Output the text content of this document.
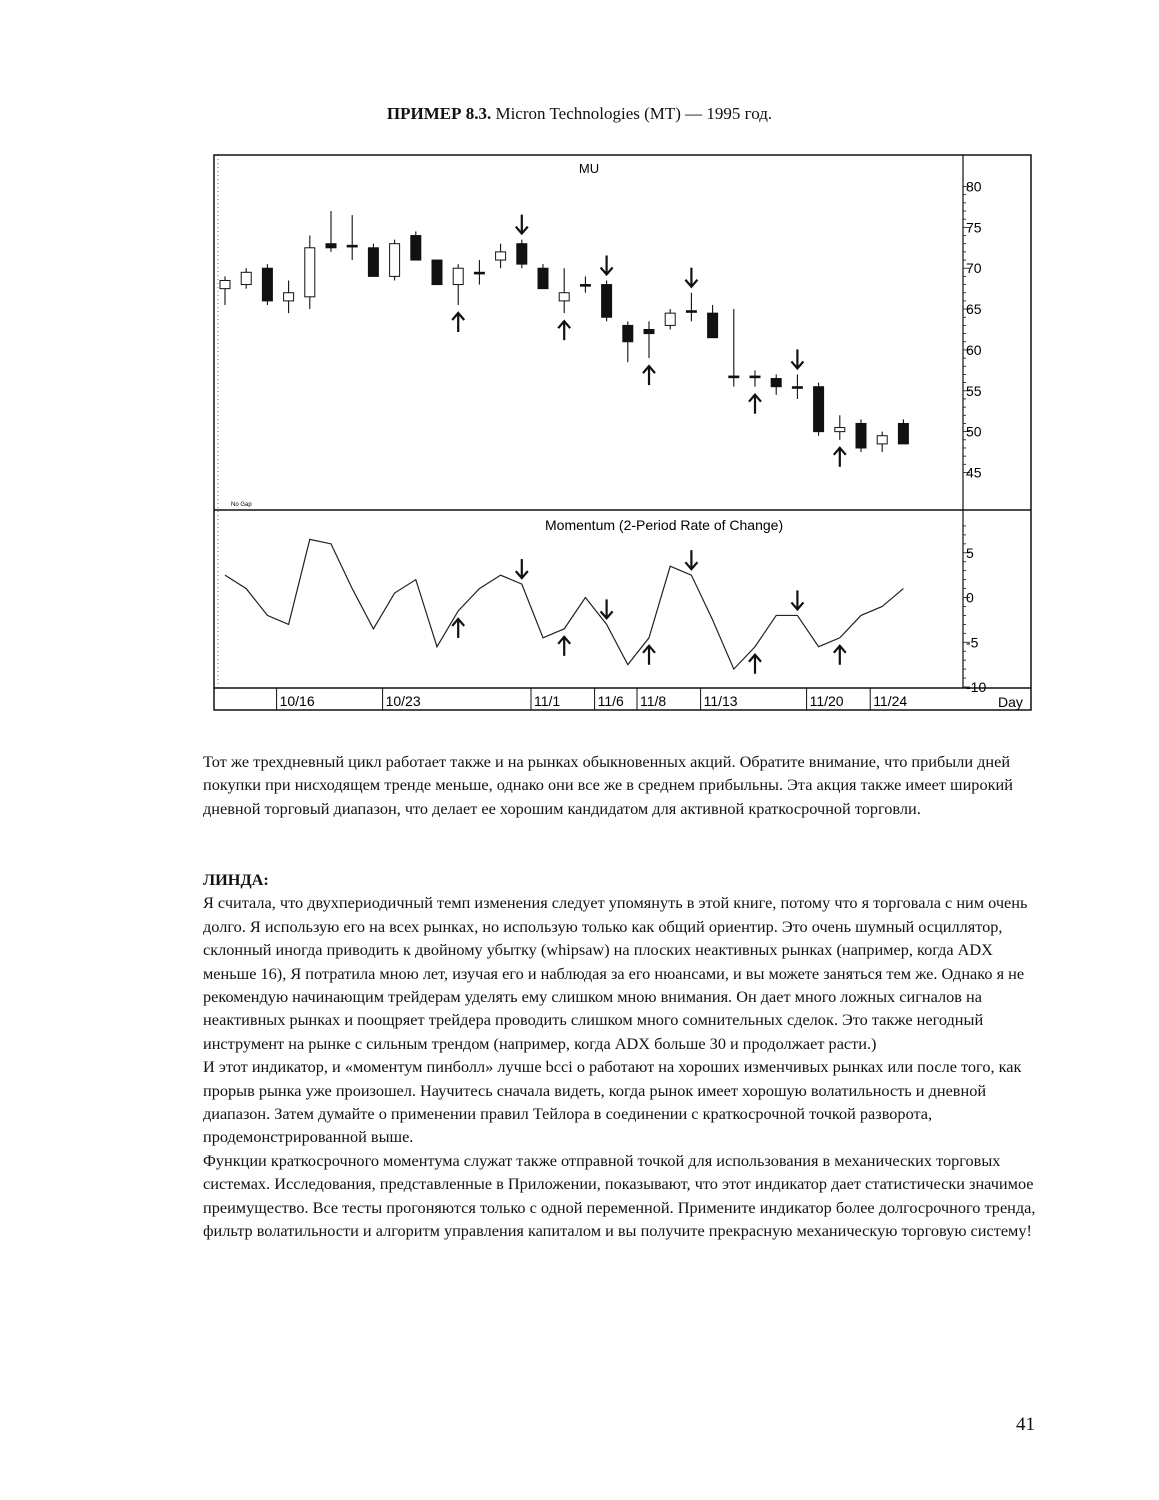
ПРИМЕР 8.3. Micron Technologies (MT) — 1995 год.
MU
No Gap
Momentum (2-Period Rate of Change)
Day
80
75
70
65
60
55
50
45
5
0
-5
-10
10/16	10/23	11/1	11/6 11/8	11/13	11/20 11/24

Тот же трехдневный цикл работает также и на рынках обыкновенных акций. Обратите внимание, что прибыли дней покупки при нисходящем тренде меньше, однако они все же в среднем прибыльны. Эта акция также имеет широкий дневной торговый диапазон, что делает ее хорошим кандидатом для активной краткосрочной торговли.

ЛИНДА:

Я считала, что двухпериодичный темп изменения следует упомянуть в этой книге, потому что я торговала с ним очень долго. Я использую его на всех рынках, но использую только как общий ориентир. Это очень шумный осциллятор, склонный иногда приводить к двойному убытку (whipsaw) на плоских неактивных рынках (например, когда ADX меньше 16), Я потратила мною лет, изучая его и наблюдая за его нюансами, и вы можете заняться тем же. Однако я не рекомендую начинающим трейдерам уделять ему слишком мною внимания. Он дает много ложных сигналов на неактивных рынках и поощряет трейдера проводить слишком много сомнительных сделок. Это также негодный инструмент на рынке с сильным трендом (например, когда ADX больше 30 и продолжает расти.)

И этот индикатор, и «моментум пинболл» лучше bcci о работают на хороших изменчивых рынках или после того, как прорыв рынка уже произошел. Научитесь сначала видеть, когда рынок имеет хорошую волатильность и дневной диапазон. Затем думайте о применении правил Тейлора в соединении с краткосрочной точкой разворота, продемонстрированной выше.

Функции краткосрочного моментума служат также отправной точкой для использования в механических торговых системах. Исследования, представленные в Приложении, показывают, что этот индикатор дает статистически значимое преимущество. Все тесты прогоняются только с одной переменной. Примените индикатор более долгосрочного тренда, фильтр волатильности и алгоритм управления капиталом и вы получите прекрасную механическую торговую систему!

41
